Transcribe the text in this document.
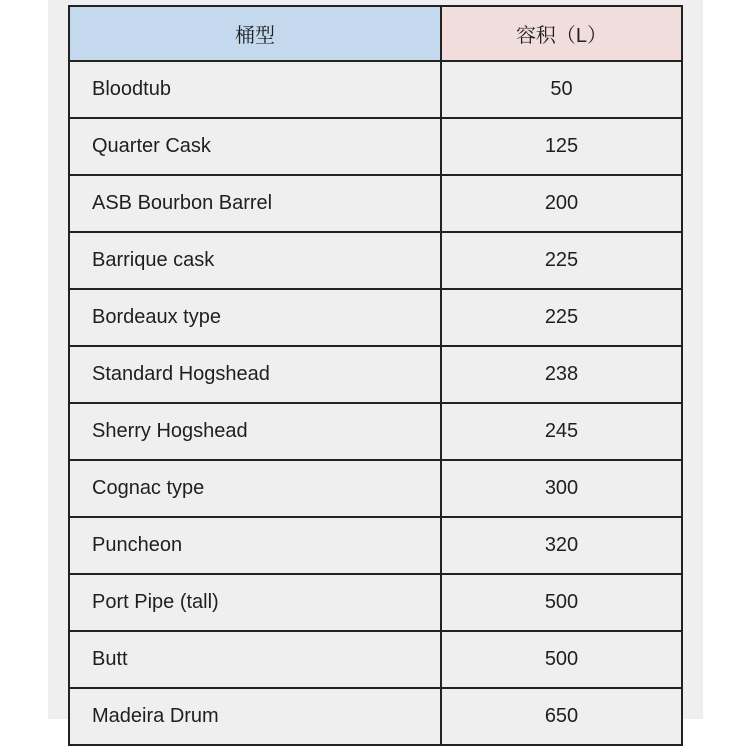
桶型	容积（L）
Bloodtub	50
Quarter Cask	125
ASB Bourbon Barrel	200
Barrique cask	225
Bordeaux type	225
Standard Hogshead	238
Sherry Hogshead	245
Cognac type	300
Puncheon	320
Port Pipe (tall)	500
Butt	500
Madeira Drum	650
